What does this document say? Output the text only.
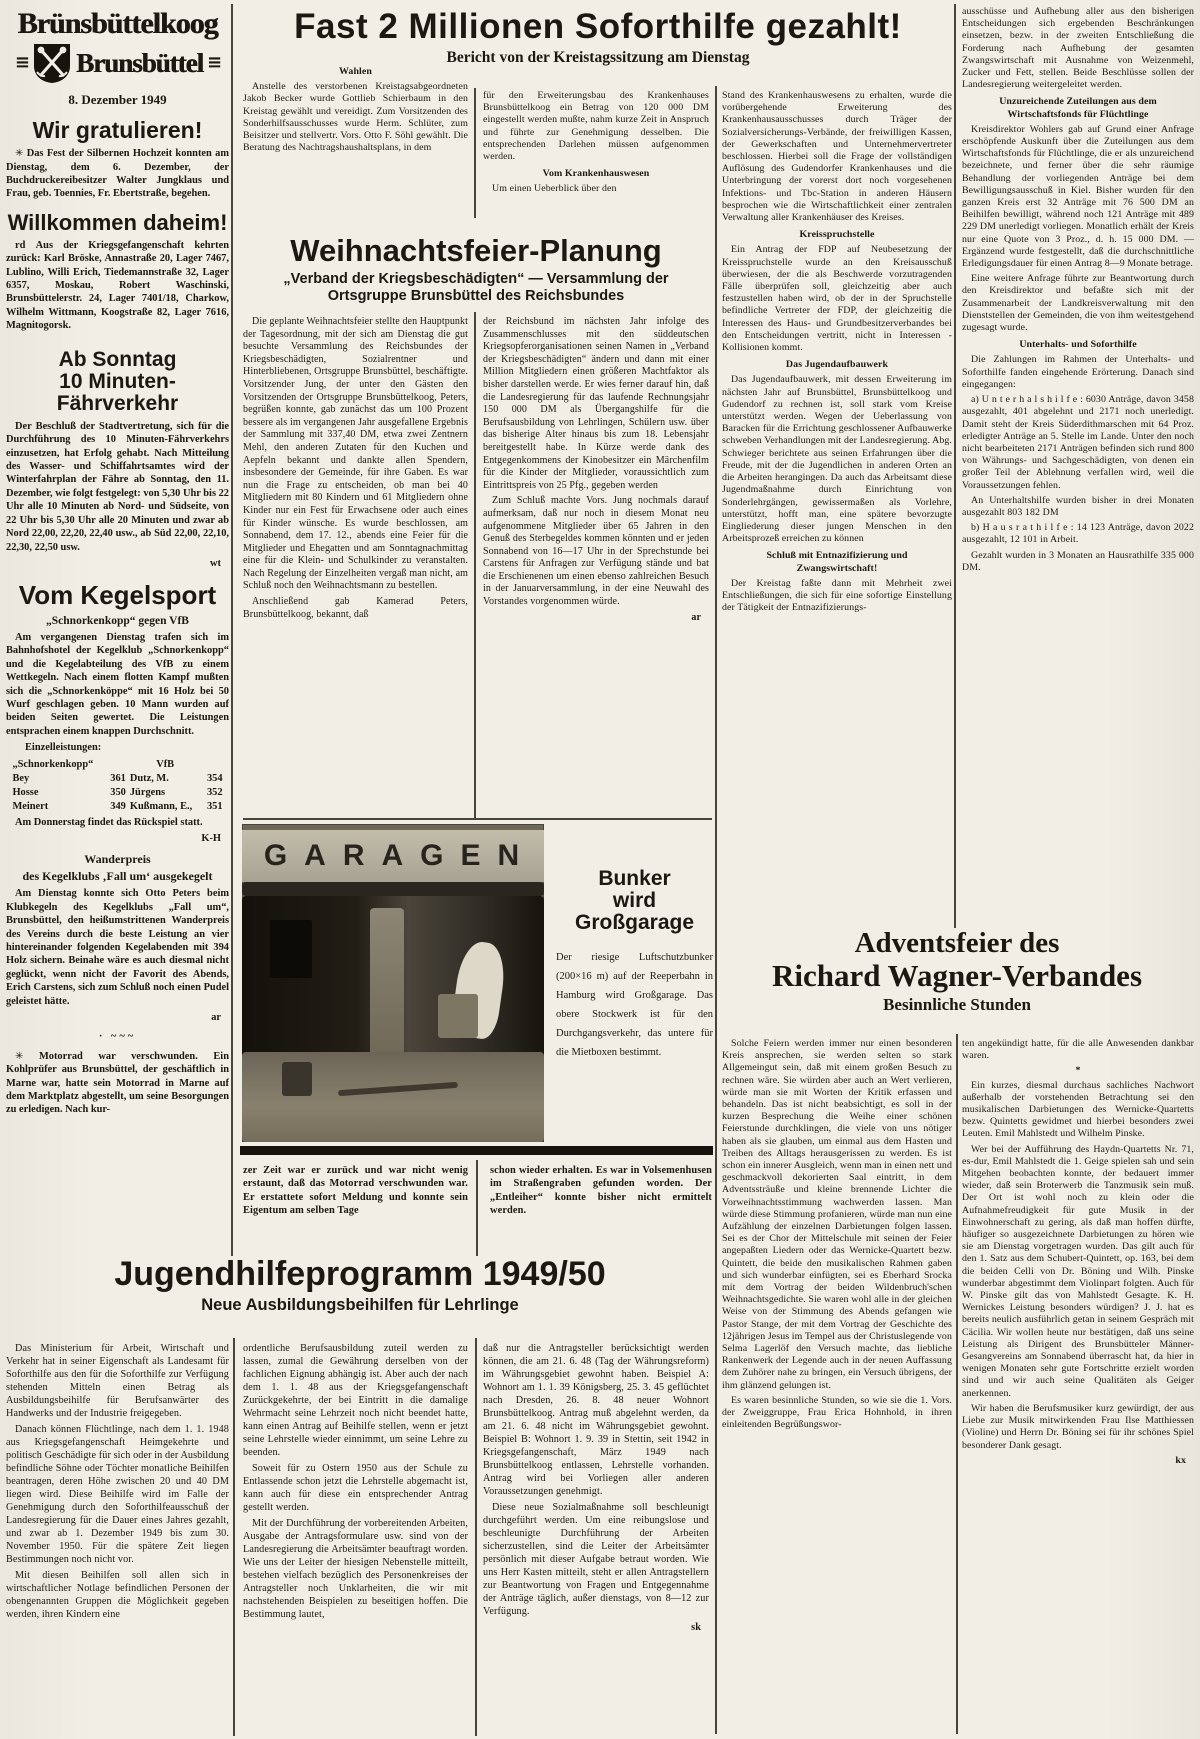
Brünsbüttelkoog
≡ Brunsbüttel ≡
8. Dezember 1949
Wir gratulieren!

✳ Das Fest der Silbernen Hochzeit konnten am Dienstag, dem 6. Dezember, der Buchdruckereibesitzer Walter Jungklaus und Frau, geb. Toennies, Fr. Ebertstraße, begehen.

Willkommen daheim!

rd Aus der Kriegsgefangenschaft kehrten zurück: Karl Bröske, Annastraße 20, Lager 7467, Lublino, Willi Erich, Tiedemannstraße 32, Lager 6357, Moskau, Robert Waschinski, Brunsbüttelerstr. 24, Lager 7401/18, Charkow, Wilhelm Wittmann, Koogstraße 82, Lager 7616, Magnitogorsk.

Ab Sonntag
10 Minuten-Fährverkehr

Der Beschluß der Stadtvertretung, sich für die Durchführung des 10 Minuten-Fährverkehrs einzusetzen, hat Erfolg gehabt. Nach Mitteilung des Wasser- und Schiffahrtsamtes wird der Winterfahrplan der Fähre ab Sonntag, den 11. Dezember, wie folgt festgelegt: von 5,30 Uhr bis 22 Uhr alle 10 Minuten ab Nord- und Südseite, von 22 Uhr bis 5,30 Uhr alle 20 Minuten und zwar ab Nord 22,00, 22,20, 22,40 usw., ab Süd 22,00, 22,10, 22,30, 22,50 usw.

wt

Vom Kegelsport

„Schnorkenkopp“ gegen VfB

Am vergangenen Dienstag trafen sich im Bahnhofshotel der Kegelklub „Schnorkenkopp“ und die Kegelabteilung des VfB zu einem Wettkegeln. Nach einem flotten Kampf mußten sich die „Schnorkenköppe“ mit 16 Holz bei 50 Wurf geschlagen geben. 10 Mann wurden auf beiden Seiten gewertet. Die Leistungen entsprachen einem knappen Durchschnitt.

Einzelleistungen:

„Schnorkenkopp“		VfB	
Bey	361	Dutz, M.	354
Hosse	350	Jürgens	352
Meinert	349	Kußmann, E.,	351

Am Donnerstag findet das Rückspiel statt.

K-H

Wanderpreis

des Kegelklubs ‚Fall um‘ ausgekegelt

Am Dienstag konnte sich Otto Peters beim Klubkegeln des Kegelklubs „Fall um“, Brunsbüttel, den heißumstrittenen Wanderpreis des Vereins durch die beste Leistung an vier hintereinander folgenden Kegelabenden mit 394 Holz sichern. Beinahe wäre es auch diesmal nicht geglückt, wenn nicht der Favorit des Abends, Erich Carstens, sich zum Schluß noch einen Pudel geleistet hätte.

ar

· ~~~

✳ Motorrad war verschwunden. Ein Kohlprüfer aus Brunsbüttel, der geschäftlich in Marne war, hatte sein Motorrad in Marne auf dem Marktplatz abgestellt, um seine Besorgungen zu erledigen. Nach kur-

Fast 2 Millionen Soforthilfe gezahlt!
Bericht von der Kreistagssitzung am Dienstag

Wahlen

Anstelle des verstorbenen Kreistagsabgeordneten Jakob Becker wurde Gottlieb Schierbaum in den Kreistag gewählt und vereidigt. Zum Vorsitzenden des Sonderhilfsausschusses wurde Herm. Schlüter, zum Beisitzer und stellvertr. Vors. Otto F. Söhl gewählt. Die Beratung des Nachtragshaushaltsplans, in dem

für den Erweiterungsbau des Krankenhauses Brunsbüttelkoog ein Betrag von 120 000 DM eingestellt werden mußte, nahm kurze Zeit in Anspruch und führte zur Genehmigung desselben. Die entsprechenden Darlehen müssen aufgenommen werden.

Vom Krankenhauswesen

Um einen Ueberblick über den

Stand des Krankenhauswesens zu erhalten, wurde die vorübergehende Erweiterung des Krankenhausausschusses durch Träger der Sozialversicherungs-Verbände, der freiwilligen Kassen, der Gewerkschaften und Unternehmervertreter beschlossen. Hierbei soll die Frage der vollständigen Auflösung des Gudendorfer Krankenhauses und die Unterbringung der vorerst dort noch vorgesehenen Infektions- und Tbc-Station in anderen Häusern besprochen wie die Wirtschaftlichkeit einer zentralen Verwaltung aller Krankenhäuser des Kreises.

Kreisspruchstelle

Ein Antrag der FDP auf Neubesetzung der Kreisspruchstelle wurde an den Kreisausschuß überwiesen, der die als Beschwerde vorzutragenden Fälle überprüfen soll, gleichzeitig aber auch festzustellen haben wird, ob der in der Spruchstelle befindliche Vertreter der FDP, der gleichzeitig die Interessen des Haus- und Grundbesitzerverbandes bei den Entscheidungen vertritt, nicht in Interessen - Kollisionen kommt.

Das Jugendaufbauwerk

Das Jugendaufbauwerk, mit dessen Erweiterung im nächsten Jahr auf Brunsbüttel, Brunsbüttelkoog und Gudendorf zu rechnen ist, soll stark vom Kreise unterstützt werden. Wegen der Ueberlassung von Baracken für die Errichtung geschlossener Aufbauwerke schweben Verhandlungen mit der Landesregierung. Abg. Schwieger berichtete aus seinen Erfahrungen über die Freude, mit der die Jugendlichen in anderen Orten an die Arbeiten herangingen. Da auch das Arbeitsamt diese Jugendmaßnahme durch Einrichtung von Sonderlehrgängen, gewissermaßen als Vorlehre, unterstützt, hofft man, eine spätere bevorzugte Eingliederung dieser jungen Menschen in den Arbeitsprozeß erreichen zu können

Schluß mit Entnazifizierung und

Zwangswirtschaft!

Der Kreistag faßte dann mit Mehrheit zwei Entschließungen, die sich für eine sofortige Einstellung der Tätigkeit der Entnazifizierungs-

ausschüsse und Aufhebung aller aus den bisherigen Entscheidungen sich ergebenden Beschränkungen einsetzen, bezw. in der zweiten Entschließung die Forderung nach Aufhebung der gesamten Zwangswirtschaft mit Ausnahme von Weizenmehl, Zucker und Fett, stellen. Beide Beschlüsse sollen der Landesregierung weitergeleitet werden.

Unzureichende Zuteilungen aus dem

Wirtschaftsfonds für Flüchtlinge

Kreisdirektor Wohlers gab auf Grund einer Anfrage erschöpfende Auskunft über die Zuteilungen aus dem Wirtschaftsfonds für Flüchtlinge, die er als unzureichend bezeichnete, und ferner über die sehr räumige Behandlung der vorliegenden Anträge bei dem Bewilligungsausschuß in Kiel. Bisher wurden für den ganzen Kreis erst 32 Anträge mit 76 500 DM an Beihilfen bewilligt, während noch 121 Anträge mit 489 229 DM unerledigt vorliegen. Monatlich erhält der Kreis nur eine Quote von 3 Proz., d. h. 15 000 DM. — Ergänzend wurde festgestellt, daß die durchschnittliche Erledigungsdauer für einen Antrag 8—9 Monate betrage.

Eine weitere Anfrage führte zur Beantwortung durch den Kreisdirektor und befaßte sich mit der Zusammenarbeit der Landkreisverwaltung mit den Dienststellen der Gemeinden, die von ihm weitestgehend zugesagt wurde.

Unterhalts- und Soforthilfe

Die Zahlungen im Rahmen der Unterhalts- und Soforthilfe fanden eingehende Erörterung. Danach sind eingegangen:

a) U n t e r h a l s h i l f e : 6030 Anträge, davon 3458 ausgezahlt, 401 abgelehnt und 2171 noch unerledigt. Damit steht der Kreis Süderdithmarschen mit 64 Proz. erledigter Anträge an 5. Stelle im Lande. Unter den noch nicht bearbeiteten 2171 Anträgen befinden sich rund 800 von Währungs- und Sachgeschädigten, von denen ein großer Teil der Ablehnung verfallen wird, weil die Voraussetzungen fehlen.

An Unterhaltshilfe wurden bisher in drei Monaten ausgezahlt 803 182 DM

b) H a u s r a t h i l f e : 14 123 Anträge, davon 2022 ausgezahlt, 12 101 in Arbeit.

Gezahlt wurden in 3 Monaten an Hausrathilfe 335 000 DM.

Weihnachtsfeier-Planung
„Verband der Kriegsbeschädigten“ — Versammlung der
Ortsgruppe Brunsbüttel des Reichsbundes

Die geplante Weihnachtsfeier stellte den Hauptpunkt der Tagesordnung, mit der sich am Dienstag die gut besuchte Versammlung des Reichsbundes der Kriegsbeschädigten, Sozialrentner und Hinterbliebenen, Ortsgruppe Brunsbüttel, beschäftigte. Vorsitzender Jung, der unter den Gästen den Vorsitzenden der Ortsgruppe Brunsbüttelkoog, Peters, begrüßen konnte, gab zunächst das um 100 Prozent bessere als im vergangenen Jahr ausgefallene Ergebnis der Sammlung mit 337,40 DM, etwa zwei Zentnern Mehl, den anderen Zutaten für den Kuchen und Aepfeln bekannt und dankte allen Spendern, insbesondere der Gemeinde, für ihre Gaben. Es war nun die Frage zu entscheiden, ob man bei 40 Mitgliedern mit 80 Kindern und 61 Mitgliedern ohne Kinder nur ein Fest für Erwachsene oder auch eines für Kinder wünsche. Es wurde beschlossen, am Sonnabend, dem 17. 12., abends eine Feier für die Mitglieder und Ehegatten und am Sonntagnachmittag eine für die Klein- und Schulkinder zu veranstalten. Nach Regelung der Einzelheiten vergaß man nicht, am Schluß noch den Weihnachtsmann zu bestellen.

Anschließend gab Kamerad Peters, Brunsbüttelkoog, bekannt, daß

der Reichsbund im nächsten Jahr infolge des Zusammenschlusses mit den süddeutschen Kriegsopferorganisationen seinen Namen in „Verband der Kriegsbeschädigten“ ändern und dann mit einer Million Mitgliedern einen größeren Machtfaktor als bisher darstellen werde. Er wies ferner darauf hin, daß die Landesregierung für das laufende Rechnungsjahr 150 000 DM als Übergangshilfe für die Berufsausbildung von Lehrlingen, Schülern usw. über das bisherige Alter hinaus bis zum 18. Lebensjahr bereitgestellt habe. In Kürze werde dank des Entgegenkommens der Kinobesitzer ein Märchenfilm für die Kinder der Mitglieder, voraussichtlich zum Eintrittspreis von 25 Pfg., gegeben werden

Zum Schluß machte Vors. Jung nochmals darauf aufmerksam, daß nur noch in diesem Monat neu aufgenommene Mitglieder über 65 Jahren in den Genuß des Sterbegeldes kommen könnten und er jeden Sonnabend von 16—17 Uhr in der Sprechstunde bei Carstens für Anfragen zur Verfügung stände und bat die Erschienenen um einen ebenso zahlreichen Besuch in der Januarversammlung, in der eine Neuwahl des Vorstandes vorgenommen würde.

ar

GARAGEN
Bunker
wird Großgarage
Der riesige Luftschutzbunker (200×16 m) auf der Reeperbahn in Hamburg wird Großgarage. Das obere Stockwerk ist für den Durchgangsverkehr, das untere für die Mietboxen bestimmt.

zer Zeit war er zurück und war nicht wenig erstaunt, daß das Motorrad verschwunden war. Er erstattete sofort Meldung und konnte sein Eigentum am selben Tage

schon wieder erhalten. Es war in Volsemenhusen im Straßengraben gefunden worden. Der „Entleiher“ konnte bisher nicht ermittelt werden.

Jugendhilfeprogramm 1949/50
Neue Ausbildungsbeihilfen für Lehrlinge

Das Ministerium für Arbeit, Wirtschaft und Verkehr hat in seiner Eigenschaft als Landesamt für Soforthilfe aus den für die Soforthilfe zur Verfügung stehenden Mitteln einen Betrag als Ausbildungsbeihilfe für Berufsanwärter des Handwerks und der Industrie freigegeben.

Danach können Flüchtlinge, nach dem 1. 1. 1948 aus Kriegsgefangenschaft Heimgekehrte und politisch Geschädigte für sich oder in der Ausbildung befindliche Söhne oder Töchter monatliche Beihilfen beantragen, deren Höhe zwischen 20 und 40 DM liegen wird. Diese Beihilfe wird im Falle der Genehmigung durch den Soforthilfeausschuß der Landesregierung für die Dauer eines Jahres gezahlt, und zwar ab 1. Dezember 1949 bis zum 30. November 1950. Für die spätere Zeit liegen Bestimmungen noch nicht vor.

Mit diesen Beihilfen soll allen sich in wirtschaftlicher Notlage befindlichen Personen der obengenannten Gruppen die Möglichkeit gegeben werden, ihren Kindern eine

ordentliche Berufsausbildung zuteil werden zu lassen, zumal die Gewährung derselben von der fachlichen Eignung abhängig ist. Aber auch der nach dem 1. 1. 48 aus der Kriegsgefangenschaft Zurückgekehrte, der bei Eintritt in die damalige Wehrmacht seine Lehrzeit noch nicht beendet hatte, kann einen Antrag auf Beihilfe stellen, wenn er jetzt seine Lehrstelle wieder einnimmt, um seine Lehre zu beenden.

Soweit für zu Ostern 1950 aus der Schule zu Entlassende schon jetzt die Lehrstelle abgemacht ist, kann auch für diese ein entsprechender Antrag gestellt werden.

Mit der Durchführung der vorbereitenden Arbeiten, Ausgabe der Antragsformulare usw. sind von der Landesregierung die Arbeitsämter beauftragt worden. Wie uns der Leiter der hiesigen Nebenstelle mitteilt, bestehen vielfach bezüglich des Personenkreises der Antragsteller noch Unklarheiten, die wir mit nachstehenden Beispielen zu beseitigen hoffen. Die Bestimmung lautet,

daß nur die Antragsteller berücksichtigt werden können, die am 21. 6. 48 (Tag der Währungsreform) im Währungsgebiet gewohnt haben. Beispiel A: Wohnort am 1. 1. 39 Königsberg, 25. 3. 45 geflüchtet nach Dresden, 26. 8. 48 neuer Wohnort Brunsbüttelkoog. Antrag muß abgelehnt werden, da am 21. 6. 48 nicht im Währungsgebiet gewohnt. Beispiel B: Wohnort 1. 9. 39 in Stettin, seit 1942 in Kriegsgefangenschaft, März 1949 nach Brunsbüttelkoog entlassen, Lehrstelle vorhanden. Antrag wird bei Vorliegen aller anderen Voraussetzungen genehmigt.

Diese neue Sozialmaßnahme soll beschleunigt durchgeführt werden. Um eine reibungslose und beschleunigte Durchführung der Arbeiten sicherzustellen, sind die Leiter der Arbeitsämter persönlich mit dieser Aufgabe betraut worden. Wie uns Herr Kasten mitteilt, steht er allen Antragstellern zur Beantwortung von Fragen und Entgegennahme der Anträge täglich, außer dienstags, von 8—12 zur Verfügung.

sk

Adventsfeier des
Richard Wagner-Verbandes
Besinnliche Stunden

Solche Feiern werden immer nur einen besonderen Kreis ansprechen, sie werden selten so stark Allgemeingut sein, daß mit einem großen Besuch zu rechnen wäre. Sie würden aber auch an Wert verlieren, würde man sie mit Worten der Kritik erfassen und behandeln. Das ist nicht beabsichtigt, es soll in der kurzen Besprechung die Weihe einer schönen Feierstunde durchklingen, die viele von uns nötiger haben als sie glauben, um einmal aus dem Hasten und Treiben des Alltags herausgerissen zu werden. Es ist schon ein innerer Ausgleich, wenn man in einen nett und geschmackvoll dekorierten Saal eintritt, in dem Adventssträuße und kleine brennende Lichter die Vorweihnachtsstimmung wachwerden lassen. Man würde diese Stimmung profanieren, würde man nun eine Aufzählung der einzelnen Darbietungen folgen lassen. Sei es der Chor der Mittelschule mit seinen der Feier angepaßten Liedern oder das Wernicke-Quartett bezw. Quintett, die beide den musikalischen Rahmen gaben und sich wunderbar einfügten, sei es Eberhard Srocka mit dem Vortrag der beiden Wildenbruch'schen Weihnachtsgedichte. Sie waren wohl alle in der gleichen Weise von der Stimmung des Abends gefangen wie Pastor Stange, der mit dem Vortrag der Geschichte des 12jährigen Jesus im Tempel aus der Christuslegende von Selma Lagerlöf den Versuch machte, das liebliche Rankenwerk der Legende auch in der neuen Auffassung dem Zuhörer nahe zu bringen, ein Versuch übrigens, der ihm glänzend gelungen ist.

Es waren besinnliche Stunden, so wie sie die 1. Vors. der Zweiggruppe, Frau Erica Hohnhold, in ihren einleitenden Begrüßungswor-

ten angekündigt hatte, für die alle Anwesenden dankbar waren.

*

Ein kurzes, diesmal durchaus sachliches Nachwort außerhalb der vorstehenden Betrachtung sei den musikalischen Darbietungen des Wernicke-Quartetts bezw. Quintetts gewidmet und hierbei besonders zwei Leuten. Emil Mahlstedt und Wilhelm Pinske.

Wer bei der Aufführung des Haydn-Quartetts Nr. 71, es-dur, Emil Mahlstedt die 1. Geige spielen sah und sein Mitgehen beobachten konnte, der bedauert immer wieder, daß sein Broterwerb die Tanzmusik sein muß. Der Ort ist wohl noch zu klein oder die Aufnahmefreudigkeit für gute Musik in der Einwohnerschaft zu gering, als daß man hoffen dürfte, häufiger so ausgezeichnete Darbietungen zu hören wie sie am Dienstag vorgetragen wurden. Das gilt auch für den 1. Satz aus dem Schubert-Quintett, op. 163, bei dem die beiden Celli von Dr. Böning und Wilh. Pinske wunderbar abgestimmt dem Violinpart folgten. Auch für W. Pinske gilt das von Mahlstedt Gesagte. K. H. Wernickes Leistung besonders würdigen? J. J. hat es bereits neulich ausführlich getan in seinem Gespräch mit Cäcilia. Wir wollen heute nur bestätigen, daß uns seine Leistung als Dirigent des Brunsbütteler Männer-Gesangvereins am Sonnabend überrascht hat, da hier in wenigen Monaten sehr gute Fortschritte erzielt worden sind und wir auch seine Qualitäten als Geiger anerkennen.

Wir haben die Berufsmusiker kurz gewürdigt, der aus Liebe zur Musik mitwirkenden Frau Ilse Matthiessen (Violine) und Herrn Dr. Böning sei für ihr schönes Spiel besonderer Dank gesagt.

kx
